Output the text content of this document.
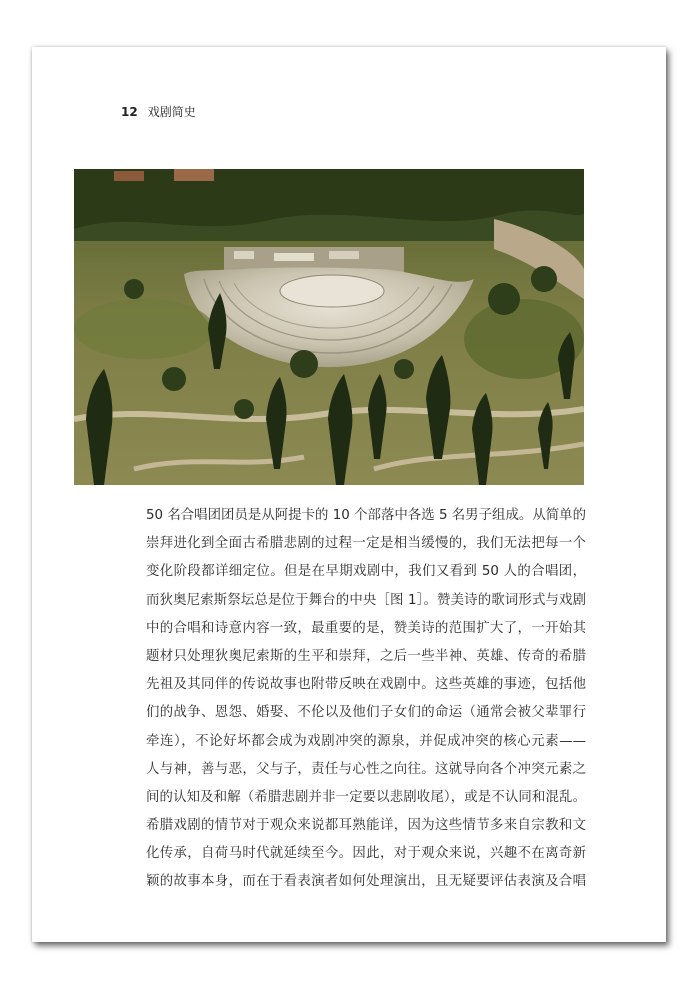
12 戏剧简史
50 名合唱团团员是从阿提卡的 10 个部落中各选 5 名男子组成。从简单的
崇拜进化到全面古希腊悲剧的过程一定是相当缓慢的，我们无法把每一个
变化阶段都详细定位。但是在早期戏剧中，我们又看到 50 人的合唱团，
而狄奥尼索斯祭坛总是位于舞台的中央［图 1］。赞美诗的歌词形式与戏剧
中的合唱和诗意内容一致，最重要的是，赞美诗的范围扩大了，一开始其
题材只处理狄奥尼索斯的生平和崇拜，之后一些半神、英雄、传奇的希腊
先祖及其同伴的传说故事也附带反映在戏剧中。这些英雄的事迹，包括他
们的战争、恩怨、婚娶、不伦以及他们子女们的命运（通常会被父辈罪行
牵连），不论好坏都会成为戏剧冲突的源泉，并促成冲突的核心元素——
人与神，善与恶，父与子，责任与心性之向往。这就导向各个冲突元素之
间的认知及和解（希腊悲剧并非一定要以悲剧收尾），或是不认同和混乱。
希腊戏剧的情节对于观众来说都耳熟能详，因为这些情节多来自宗教和文
化传承，自荷马时代就延续至今。因此，对于观众来说，兴趣不在离奇新
颖的故事本身，而在于看表演者如何处理演出，且无疑要评估表演及合唱
